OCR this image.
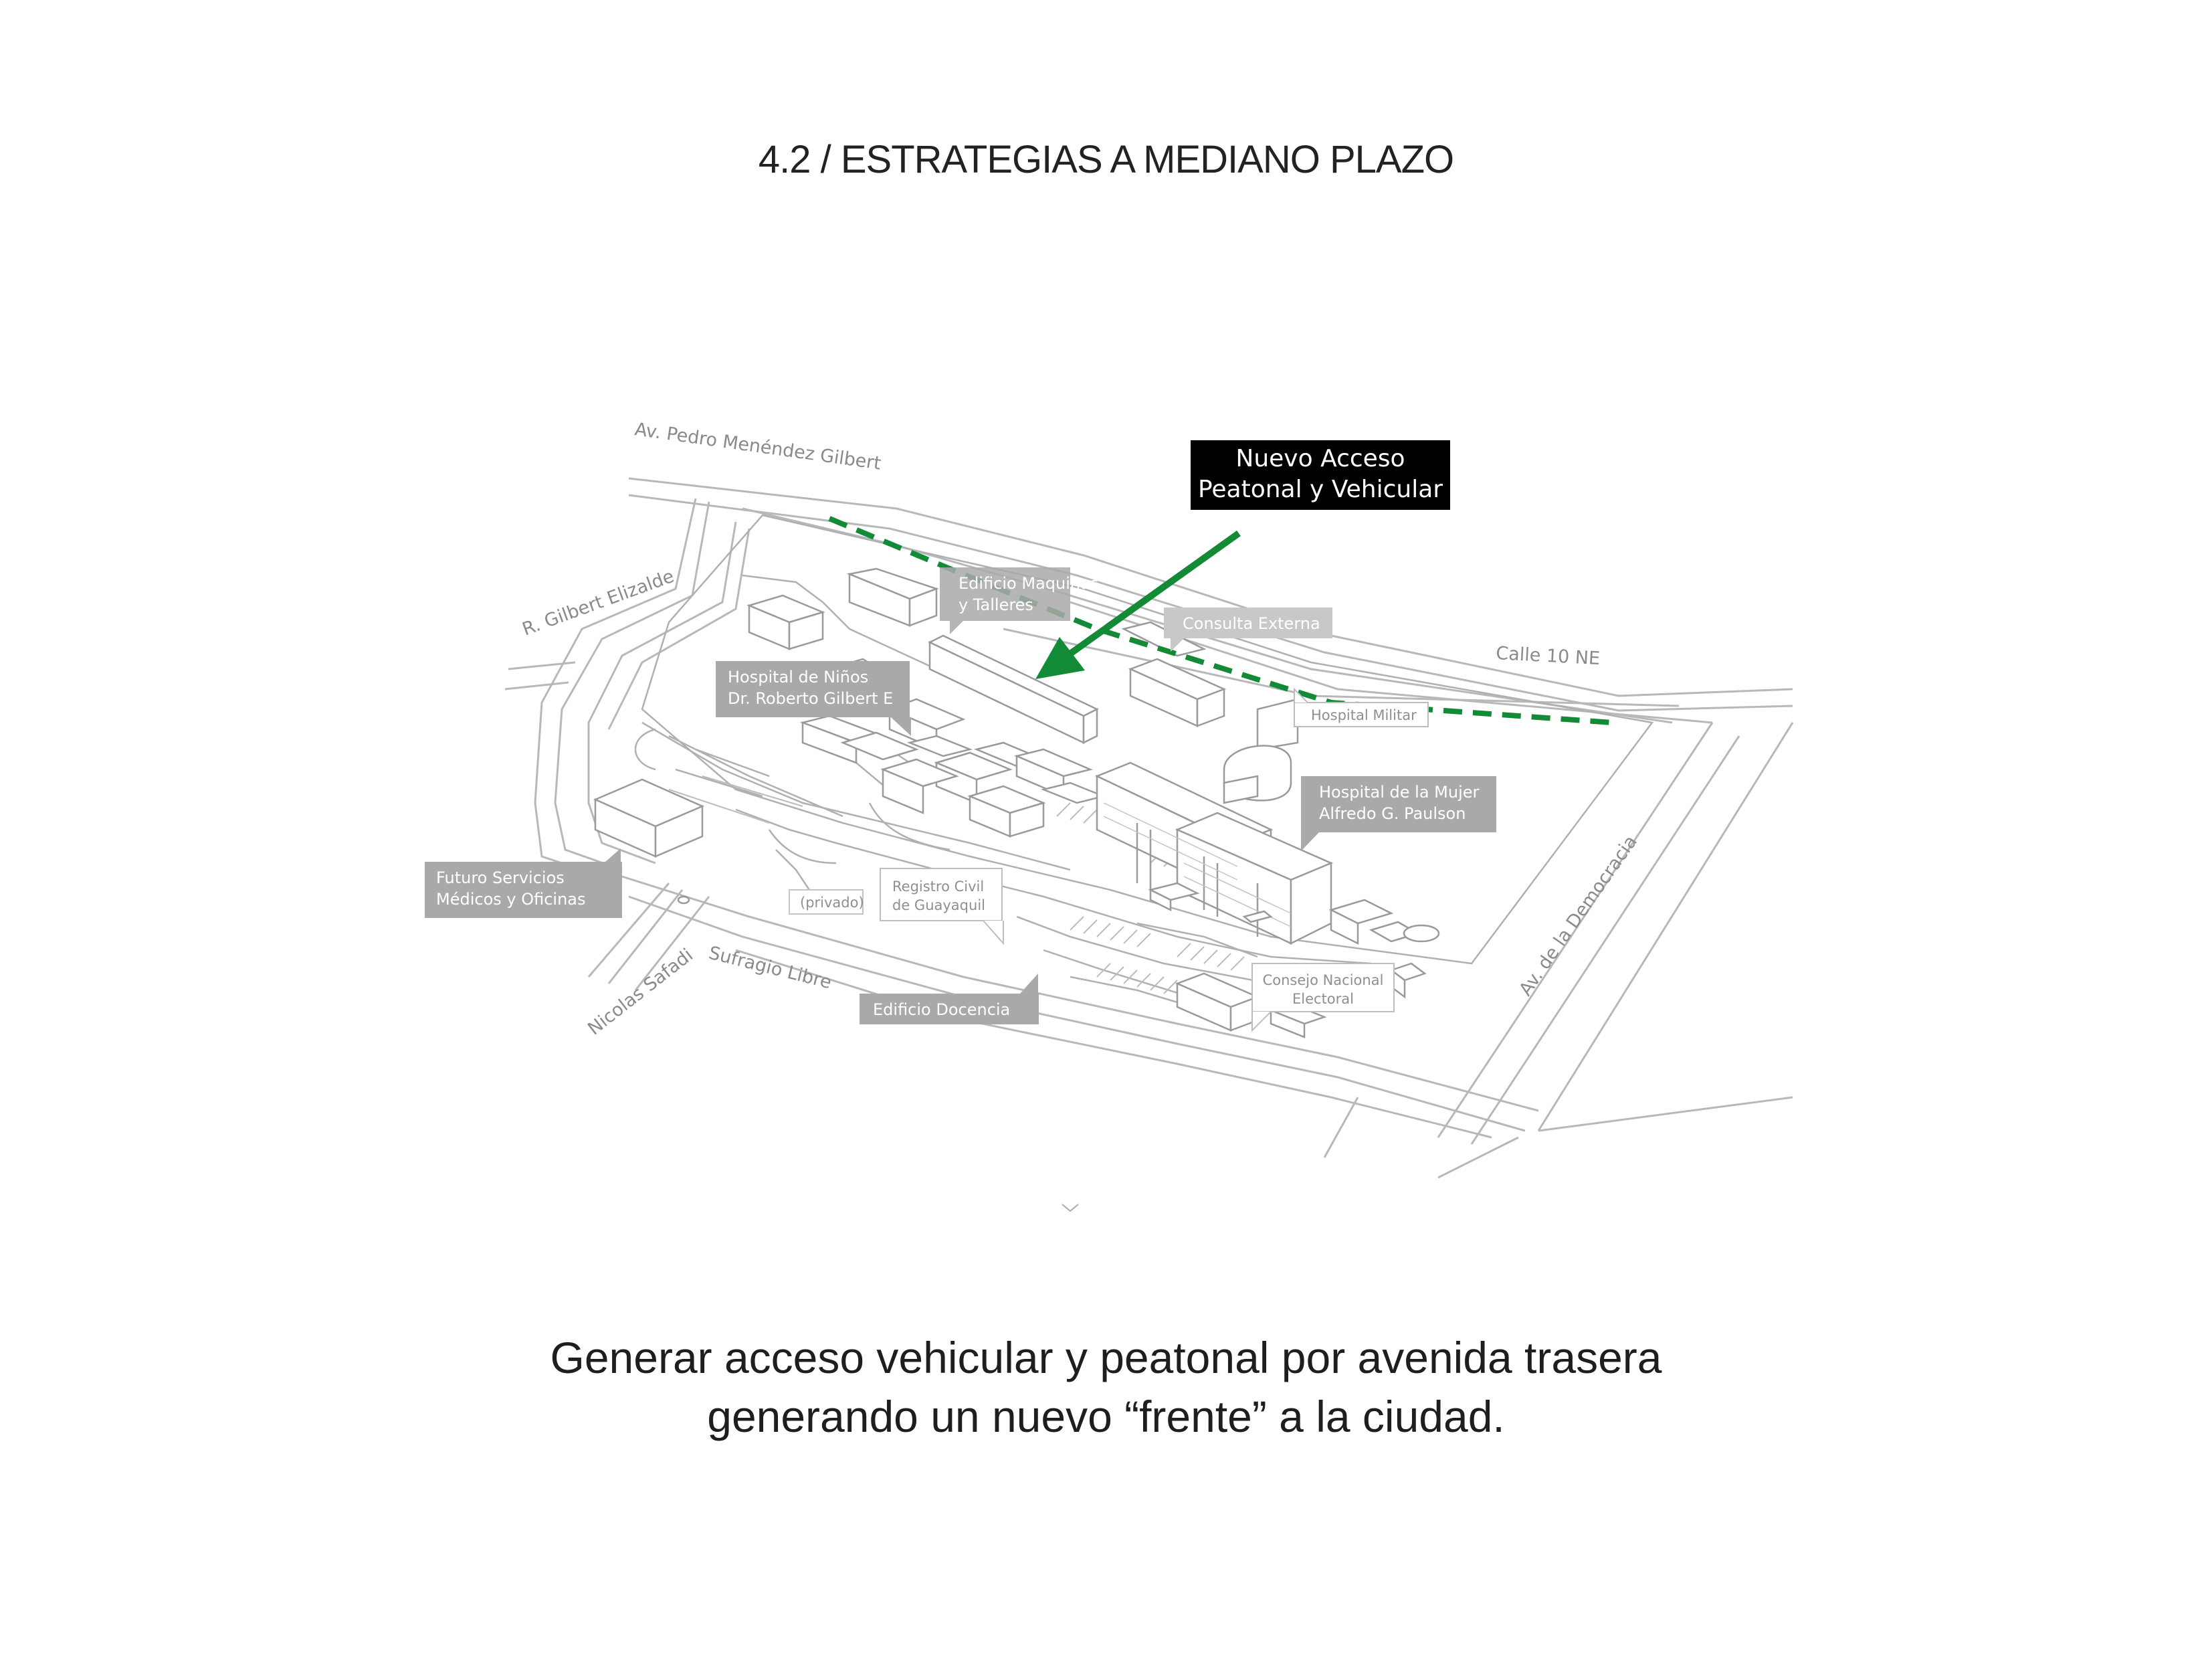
4.2 / ESTRATEGIAS A MEDIANO PLAZO
Av. Pedro Menéndez Gilbert
R. Gilbert Elizalde
Calle 10 NE
Av. de la Democracia
Sufragio Libre
Nicolas Safadi
Edificio Maquinas
y Talleres
Consulta Externa
Hospital de Niños
Dr. Roberto Gilbert E
Hospital Militar
Hospital de la Mujer
Alfredo G. Paulson
Futuro Servicios
Médicos y Oficinas	(privado)
Registro Civil
de Guayaquil
Consejo Nacional
Electoral
Edificio Docencia
Nuevo Acceso
Peatonal y Vehicular
Generar acceso vehicular y peatonal por avenida trasera
generando un nuevo “frente” a la ciudad.
